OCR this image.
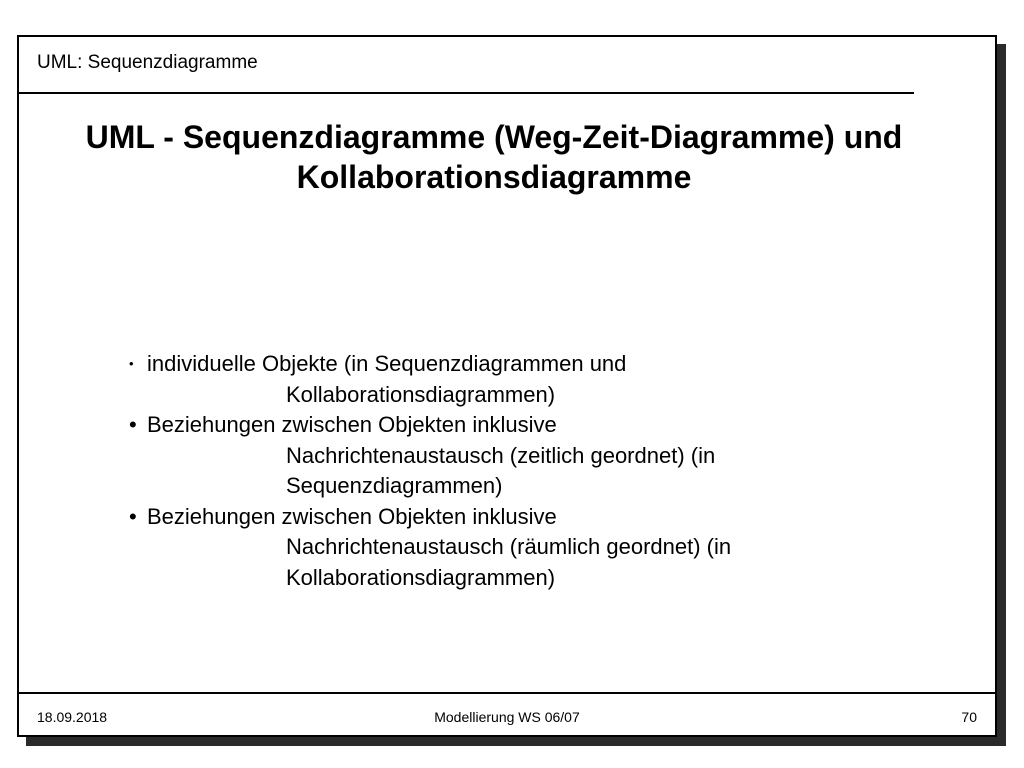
UML: Sequenzdiagramme
UML - Sequenzdiagramme (Weg-Zeit-Diagramme) und
Kollaborationsdiagramme
• individuelle Objekte (in Sequenzdiagrammen und
Kollaborationsdiagrammen)
• Beziehungen zwischen Objekten inklusive
Nachrichtenaustausch (zeitlich geordnet) (in
Sequenzdiagrammen)
• Beziehungen zwischen Objekten inklusive
Nachrichtenaustausch (räumlich geordnet) (in
Kollaborationsdiagrammen)
18.09.2018	Modellierung WS 06/07	70
